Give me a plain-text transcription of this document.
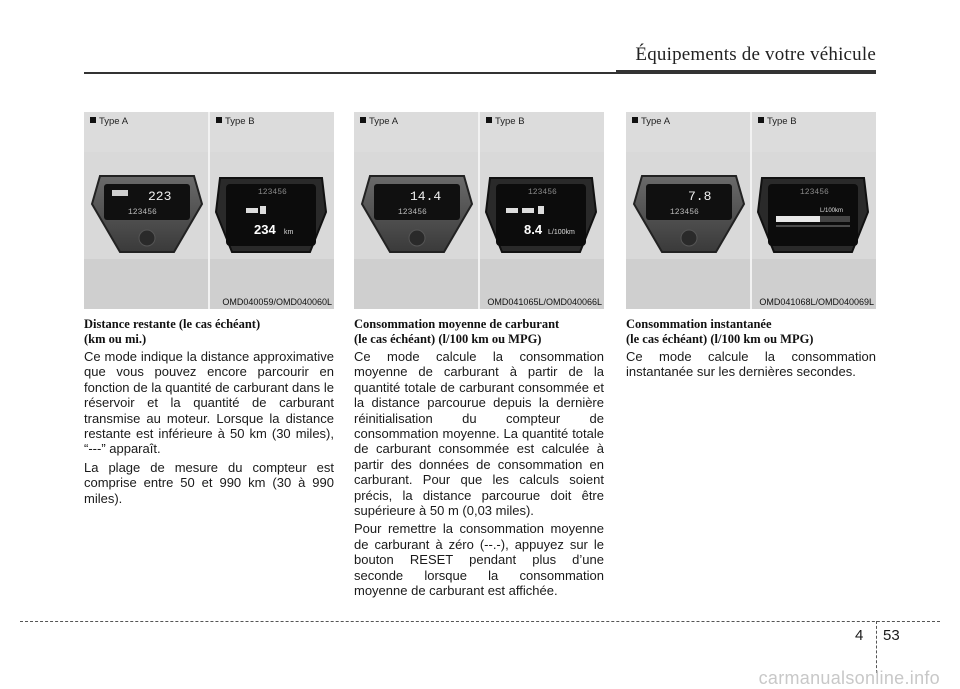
Équipements de votre véhicule
Type A	Type B
223
123456
123456
234 km
OMD040059/OMD040060L
Distance restante (le cas échéant)
(km ou mi.)

Ce mode indique la distance approximative que vous pouvez encore parcourir en fonction de la quantité de carburant dans le réservoir et la quantité de carburant transmise au moteur. Lorsque la distance restante est inférieure à 50 km (30 miles), “---” apparaît.

La plage de mesure du compteur est comprise entre 50 et 990 km (30 à 990 miles).

Type A	Type B
14.4
123456
123456
8.4 L/100km
OMD041065L/OMD040066L
Consommation moyenne de carburant
(le cas échéant) (l/100 km ou MPG)

Ce mode calcule la consommation moyenne de carburant à partir de la quantité totale de carburant consommée et la distance parcourue depuis la dernière réinitialisation du compteur de consommation moyenne. La quantité totale de carburant consommée est calculée à partir des données de consommation en carburant. Pour que les calculs soient précis, la distance parcourue doit être supérieure à 50 m (0,03 miles).

Pour remettre la consommation moyenne de carburant à zéro (--.-), appuyez sur le bouton RESET pendant plus d’une seconde lorsque la consommation moyenne de carburant est affichée.

Type A	Type B
7.8
123456
123456
L/100km
OMD041068L/OMD040069L
Consommation instantanée
(le cas échéant) (l/100 km ou MPG)

Ce mode calcule la consommation instantanée sur les dernières secondes.

4 53
carmanualsonline.info
